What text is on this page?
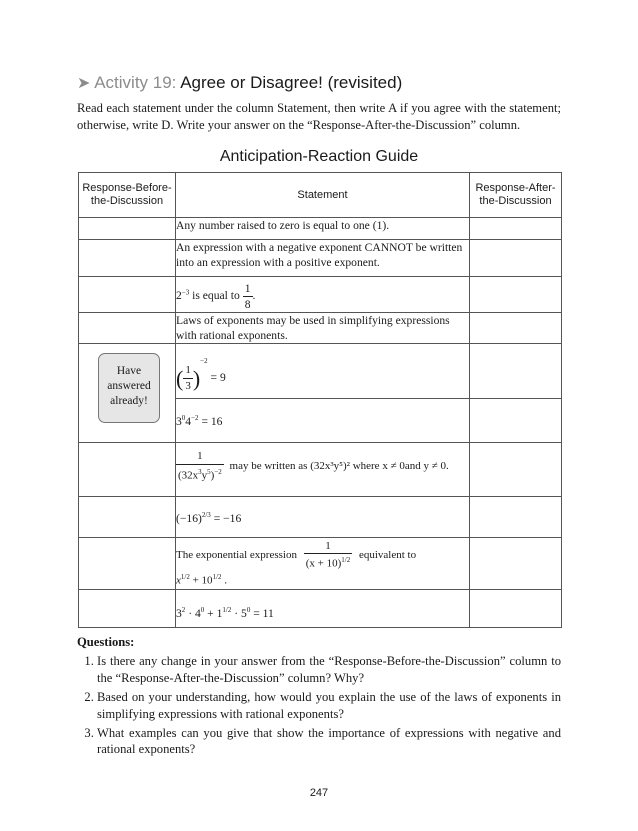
➤ Activity 19: Agree or Disagree! (revisited)
Read each statement under the column Statement, then write A if you agree with the statement; otherwise, write D. Write your answer on the “Response-After-the-Discussion” column.
Anticipation-Reaction Guide
Response-Before-the-Discussion	Statement	Response-After-the-Discussion
	Any number raised to zero is equal to one (1).	
	An expression with a negative exponent CANNOT be written into an expression with a positive exponent.	
	$2^{-3}$ is equal to $\frac{1}{8}$ .	
	Laws of exponents may be used in simplifying expressions with rational exponents.	
	( $\frac{1}{3} )^{-2} = 9$	
	$3^04^{-2} = 16$	

	$\frac{1}{(32x^3y^5)^{-2}}$ may be written as (32x³y⁵)² where x ≠ 0and y ≠ 0.	
	$(-16)^{2/3} = -16$	
	The exponential expression $\frac{1}{(x + 10)^{1/2}}$ equivalent to
$x^{1/2} + 10^{1/2}$ .	
	$3^2 \cdot 4^0 + 1^{1/2} \cdot 5^0 = 11$	
Have answered already!
Questions:
1. Is there any change in your answer from the “Response-Before-the-Discussion” column to the “Response-After-the-Discussion” column? Why?
2. Based on your understanding, how would you explain the use of the laws of exponents in simplifying expressions with rational exponents?
3. What examples can you give that show the importance of expressions with negative and rational exponents?
247
